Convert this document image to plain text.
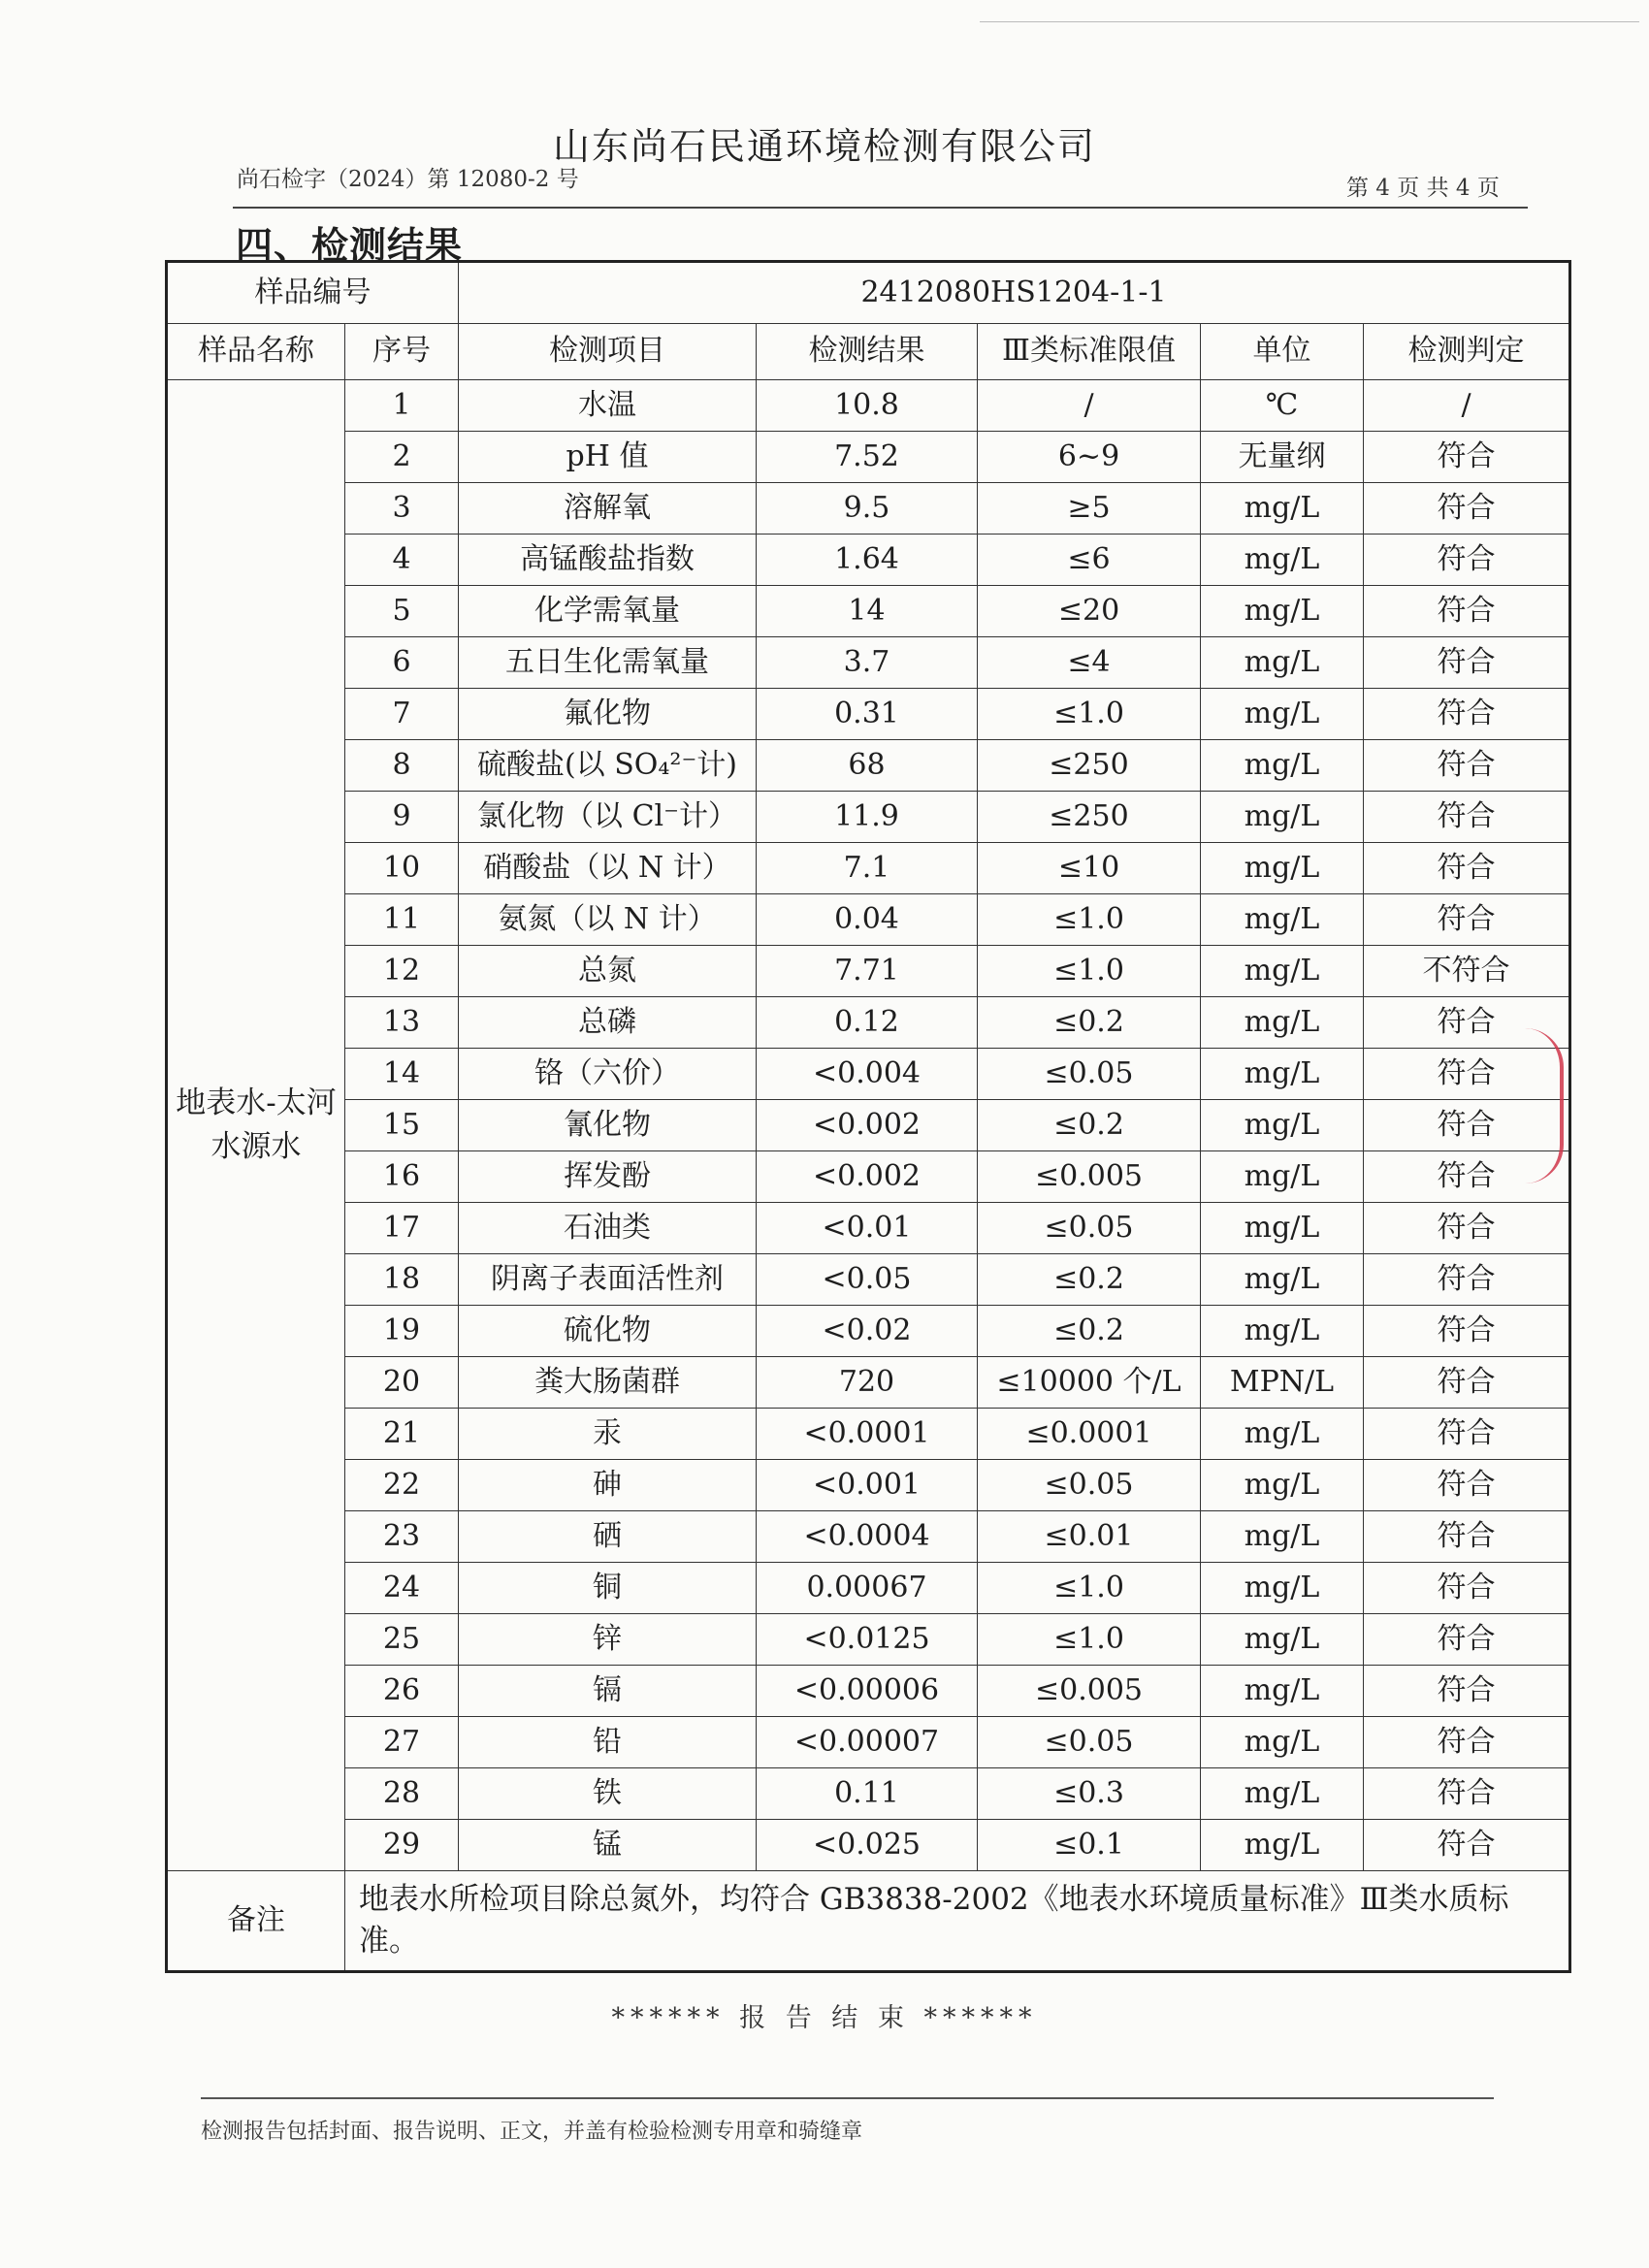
山东尚石民通环境检测有限公司
尚石检字（2024）第 12080-2 号	第 4 页 共 4 页
四、检测结果
样品编号		2412080HS1204-1-1				
样品名称	序号	检测项目	检测结果	Ⅲ类标准限值	单位	检测判定
地表水-太河水源水	1	水温	10.8	/	℃	/
	2	pH 值	7.52	6~9	无量纲	符合
	3	溶解氧	9.5	≥5	mg/L	符合
	4	高锰酸盐指数	1.64	≤6	mg/L	符合
	5	化学需氧量	14	≤20	mg/L	符合
	6	五日生化需氧量	3.7	≤4	mg/L	符合
	7	氟化物	0.31	≤1.0	mg/L	符合
	8	硫酸盐(以 SO₄²⁻计)	68	≤250	mg/L	符合
	9	氯化物（以 Cl⁻计）	11.9	≤250	mg/L	符合
	10	硝酸盐（以 N 计）	7.1	≤10	mg/L	符合
	11	氨氮（以 N 计）	0.04	≤1.0	mg/L	符合
	12	总氮	7.71	≤1.0	mg/L	不符合
	13	总磷	0.12	≤0.2	mg/L	符合
	14	铬（六价）	<0.004	≤0.05	mg/L	符合
	15	氰化物	<0.002	≤0.2	mg/L	符合
	16	挥发酚	<0.002	≤0.005	mg/L	符合
	17	石油类	<0.01	≤0.05	mg/L	符合
	18	阴离子表面活性剂	<0.05	≤0.2	mg/L	符合
	19	硫化物	<0.02	≤0.2	mg/L	符合
	20	粪大肠菌群	720	≤10000 个/L	MPN/L	符合
	21	汞	<0.0001	≤0.0001	mg/L	符合
	22	砷	<0.001	≤0.05	mg/L	符合
	23	硒	<0.0004	≤0.01	mg/L	符合
	24	铜	0.00067	≤1.0	mg/L	符合
	25	锌	<0.0125	≤1.0	mg/L	符合
	26	镉	<0.00006	≤0.005	mg/L	符合
	27	铅	<0.00007	≤0.05	mg/L	符合
	28	铁	0.11	≤0.3	mg/L	符合
	29	锰	<0.025	≤0.1	mg/L	符合
备注	地表水所检项目除总氮外，均符合 GB3838-2002《地表水环境质量标准》Ⅲ类水质标准。					
****** 报 告 结 束 ******
检测报告包括封面、报告说明、正文，并盖有检验检测专用章和骑缝章
